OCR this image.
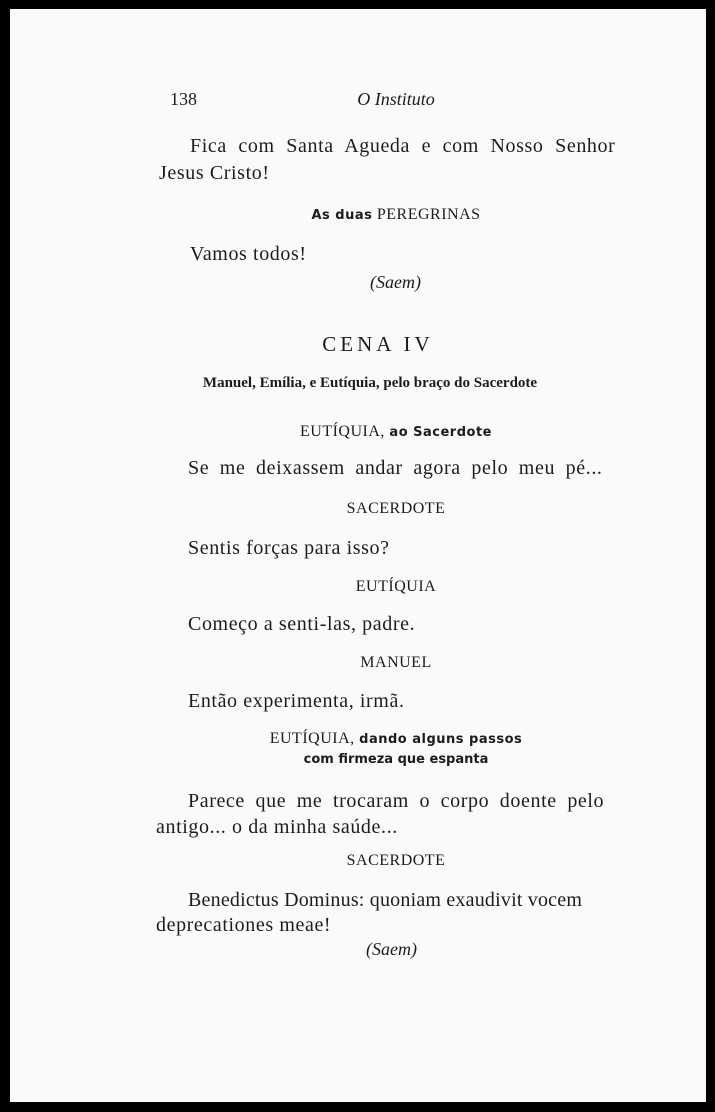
138	O Instituto
Fica com Santa Agueda e com Nosso Senhor
Jesus Cristo!
As duas PEREGRINAS
Vamos todos!
(Saem)
CENA IV
Manuel, Emília, e Eutíquia, pelo braço do Sacerdote
EUTÍQUIA, ao Sacerdote
Se me deixassem andar agora pelo meu pé...
SACERDOTE
Sentis forças para isso?
EUTÍQUIA
Começo a senti-las, padre.
MANUEL
Então experimenta, irmã.
EUTÍQUIA, dando alguns passos
com firmeza que espanta
Parece que me trocaram o corpo doente pelo
antigo... o da minha saúde...
SACERDOTE
Benedictus Dominus: quoniam exaudivit vocem
deprecationes meae!
(Saem)
